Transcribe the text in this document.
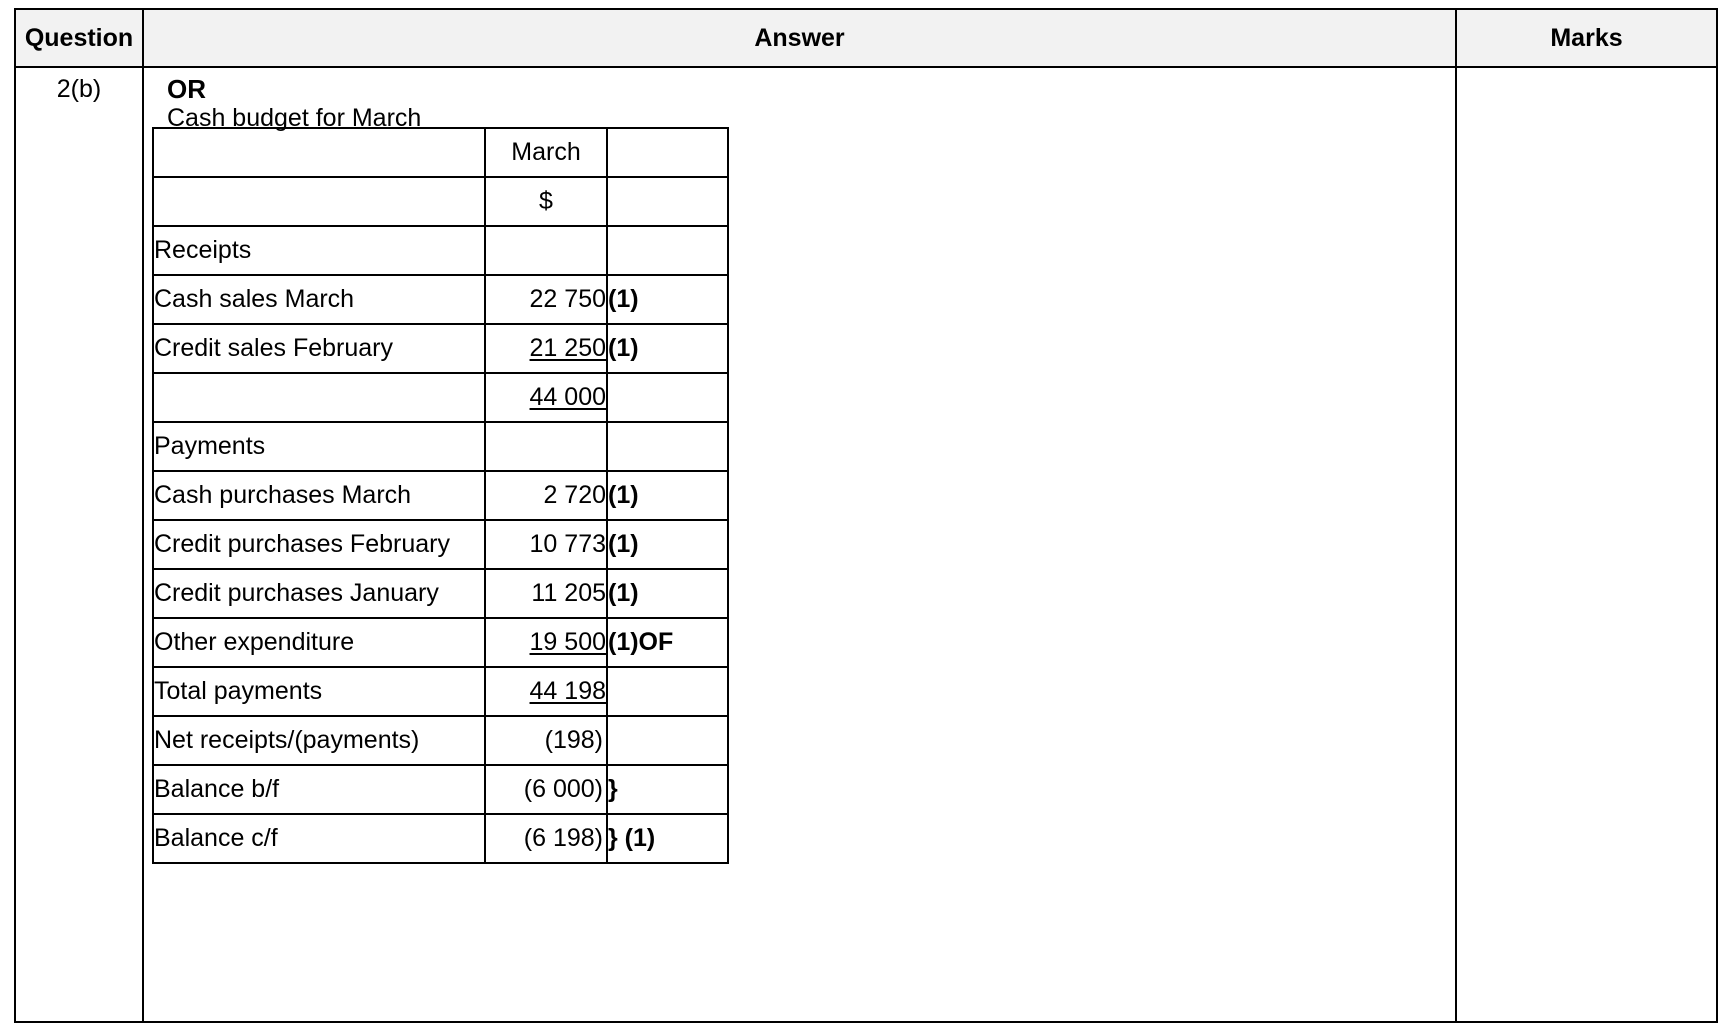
Question	Answer	Marks
2(b)	OR

Cash budget for March

	March	
	$	
Receipts		
Cash sales March	22 750	(1)
Credit sales February	21 250	(1)
	44 000	
Payments		
Cash purchases March	2 720	(1)
Credit purchases February	10 773	(1)
Credit purchases January	11 205	(1)
Other expenditure	19 500	(1)OF
Total payments	44 198	
Net receipts/(payments)	(198)	
Balance b/f	(6 000)	}
Balance c/f	(6 198)	} (1)
